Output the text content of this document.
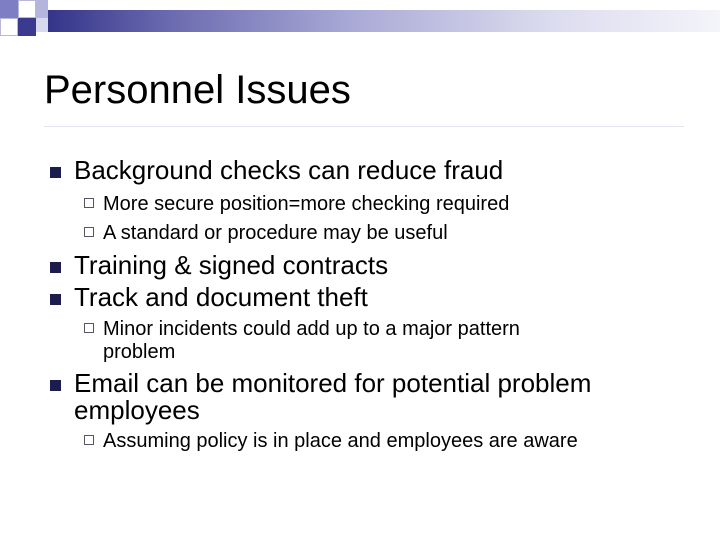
Personnel Issues
Background checks can reduce fraud
More secure position=more checking required
A standard or procedure may be useful
Training & signed contracts
Track and document theft
Minor incidents could add up to a major pattern
problem
Email can be monitored for potential problem
employees
Assuming policy is in place and employees are aware
